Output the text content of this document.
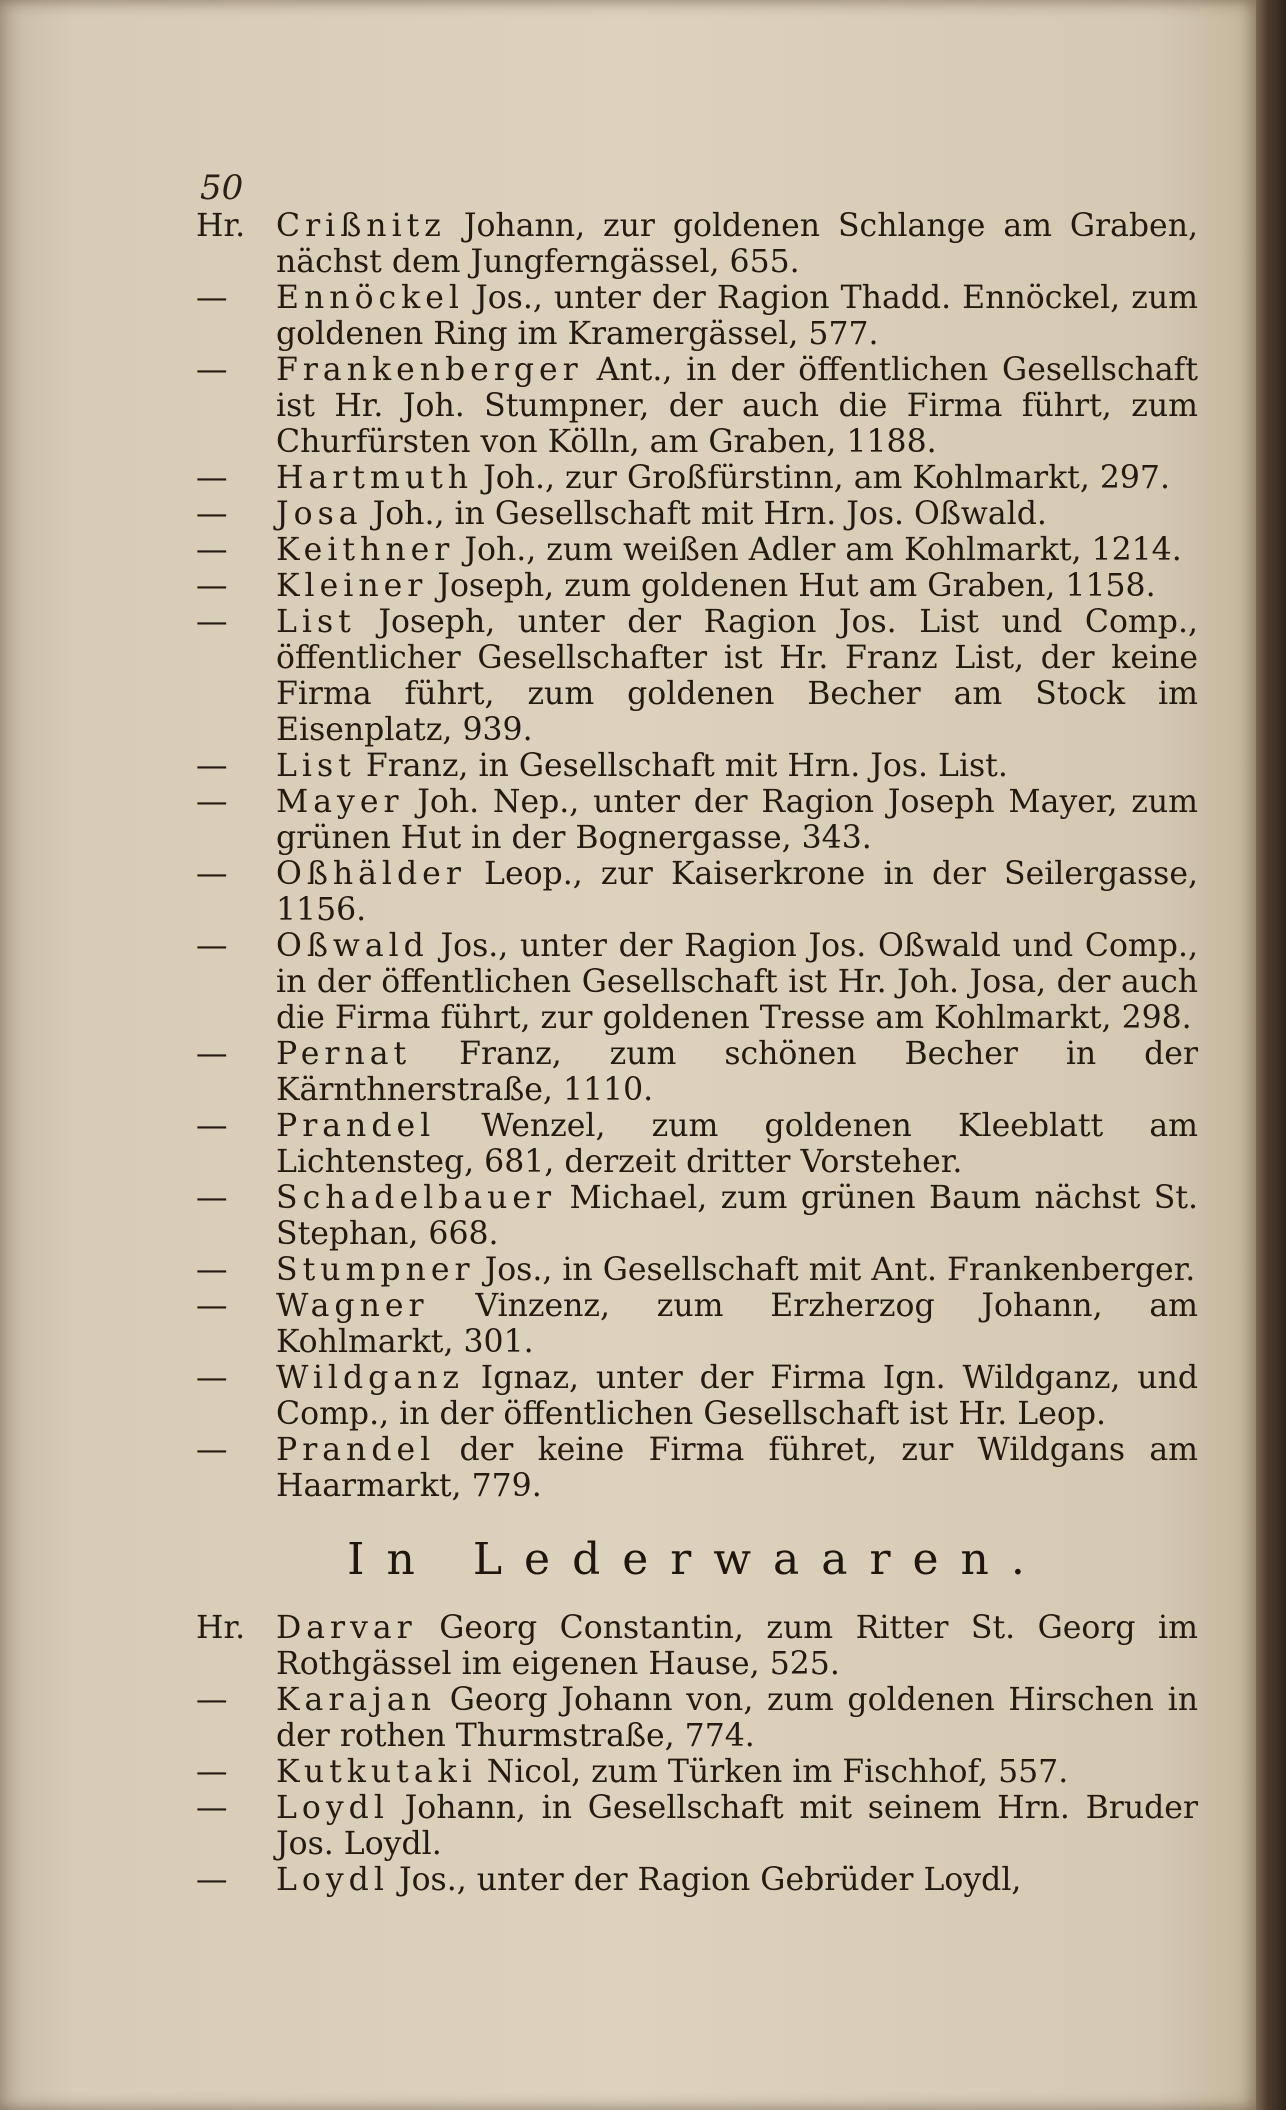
50
Hr. Crißnitz Johann, zur goldenen Schlange am Graben, nächst dem Jungferngässel, 655.
—	Ennöckel Jos., unter der Ragion Thadd. Ennöckel, zum goldenen Ring im Kramergässel, 577.
—	Frankenberger Ant., in der öffentlichen Gesellschaft ist Hr. Joh. Stumpner, der auch die Firma führt, zum Churfürsten von Kölln, am Graben, 1188.
—	Hartmuth Joh., zur Großfürstinn, am Kohlmarkt, 297.
—	Josa Joh., in Gesellschaft mit Hrn. Jos. Oßwald.
—	Keithner Joh., zum weißen Adler am Kohlmarkt, 1214.
—	Kleiner Joseph, zum goldenen Hut am Graben, 1158.
—	List Joseph, unter der Ragion Jos. List und Comp., öffentlicher Gesellschafter ist Hr. Franz List, der keine Firma führt, zum goldenen Becher am Stock im Eisenplatz, 939.
—	List Franz, in Gesellschaft mit Hrn. Jos. List.
—	Mayer Joh. Nep., unter der Ragion Joseph Mayer, zum grünen Hut in der Bognergasse, 343.
—	Oßhälder Leop., zur Kaiserkrone in der Seilergasse, 1156.
—	Oßwald Jos., unter der Ragion Jos. Oßwald und Comp., in der öffentlichen Gesellschaft ist Hr. Joh. Josa, der auch die Firma führt, zur goldenen Tresse am Kohlmarkt, 298.
—	Pernat Franz, zum schönen Becher in der Kärnthnerstraße, 1110.
—	Prandel Wenzel, zum goldenen Kleeblatt am Lichtensteg, 681, derzeit dritter Vorsteher.
—	Schadelbauer Michael, zum grünen Baum nächst St. Stephan, 668.
—	Stumpner Jos., in Gesellschaft mit Ant. Frankenberger.
—	Wagner Vinzenz, zum Erzherzog Johann, am Kohlmarkt, 301.
—	Wildganz Ignaz, unter der Firma Ign. Wildganz, und Comp., in der öffentlichen Gesellschaft ist Hr. Leop.
—	Prandel der keine Firma führet, zur Wildgans am Haarmarkt, 779.
In Lederwaaren.
Hr. Darvar Georg Constantin, zum Ritter St. Georg im Rothgässel im eigenen Hause, 525.
—	Karajan Georg Johann von, zum goldenen Hirschen in der rothen Thurmstraße, 774.
—	Kutkutaki Nicol, zum Türken im Fischhof, 557.
—	Loydl Johann, in Gesellschaft mit seinem Hrn. Bruder Jos. Loydl.
—	Loydl Jos., unter der Ragion Gebrüder Loydl,
